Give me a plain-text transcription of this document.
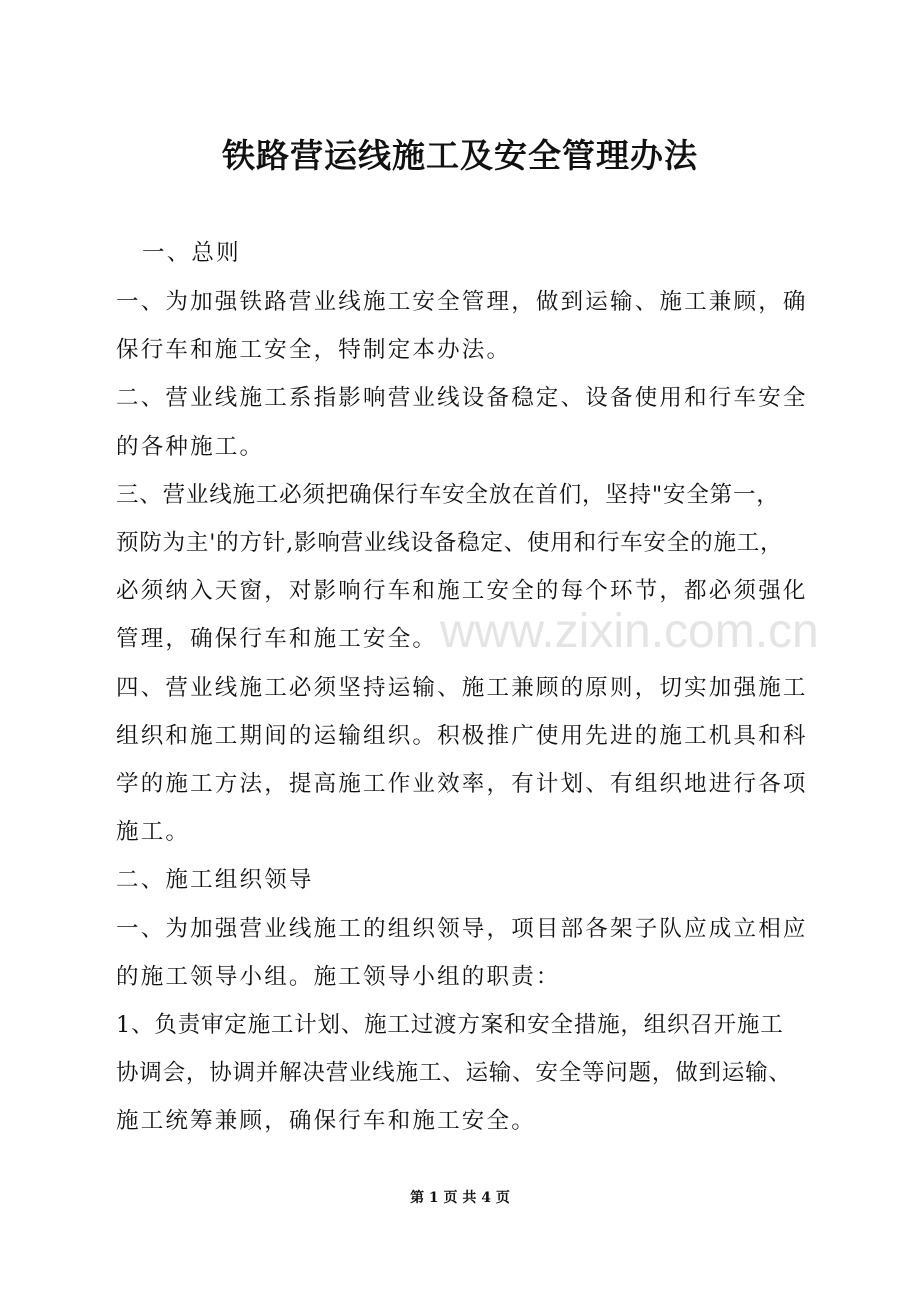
铁路营运线施工及安全管理办法
一、总则
一、为加强铁路营业线施工安全管理，做到运输、施工兼顾，确
保行车和施工安全，特制定本办法。
二、营业线施工系指影响营业线设备稳定、设备使用和行车安全
的各种施工。
三、营业线施工必须把确保行车安全放在首们，坚持"安全第一，
预防为主'的方针,影响营业线设备稳定、使用和行车安全的施工，
必须纳入天窗，对影响行车和施工安全的每个环节，都必须强化
管理，确保行车和施工安全。
四、营业线施工必须坚持运输、施工兼顾的原则，切实加强施工
组织和施工期间的运输组织。积极推广使用先进的施工机具和科
学的施工方法，提高施工作业效率，有计划、有组织地进行各项
施工。
二、施工组织领导
一、为加强营业线施工的组织领导，项目部各架子队应成立相应
的施工领导小组。施工领导小组的职责：
1、负责审定施工计划、施工过渡方案和安全措施，组织召开施工
协调会，协调并解决营业线施工、运输、安全等问题，做到运输、
施工统筹兼顾，确保行车和施工安全。
www.zixin.com.cn
第 1 页 共 4 页
